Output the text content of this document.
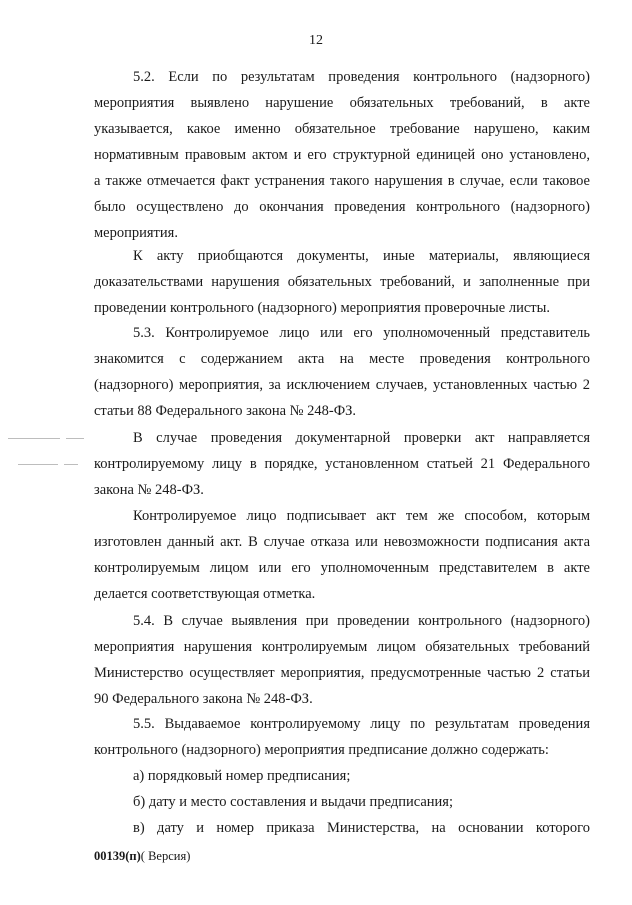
12

5.2. Если по результатам проведения контрольного (надзорного)
мероприятия выявлено нарушение обязательных требований, в акте
указывается, какое именно обязательное требование нарушено, каким
нормативным правовым актом и его структурной единицей оно установлено,
а также отмечается факт устранения такого нарушения в случае, если таковое
было осуществлено до окончания проведения контрольного (надзорного)
мероприятия.

К акту приобщаются документы, иные материалы, являющиеся
доказательствами нарушения обязательных требований, и заполненные при
проведении контрольного (надзорного) мероприятия проверочные листы.

5.3. Контролируемое лицо или его уполномоченный представитель
знакомится с содержанием акта на месте проведения контрольного
(надзорного) мероприятия, за исключением случаев, установленных частью 2
статьи 88 Федерального закона № 248-ФЗ.

В случае проведения документарной проверки акт направляется
контролируемому лицу в порядке, установленном статьей 21 Федерального
закона № 248-ФЗ.

Контролируемое лицо подписывает акт тем же способом, которым
изготовлен данный акт. В случае отказа или невозможности подписания акта
контролируемым лицом или его уполномоченным представителем в акте
делается соответствующая отметка.

5.4. В случае выявления при проведении контрольного (надзорного)
мероприятия нарушения контролируемым лицом обязательных требований
Министерство осуществляет мероприятия, предусмотренные частью 2 статьи
90 Федерального закона № 248-ФЗ.

5.5. Выдаваемое контролируемому лицу по результатам проведения
контрольного (надзорного) мероприятия предписание должно содержать:

а) порядковый номер предписания;

б) дату и место составления и выдачи предписания;

в) дату и номер приказа Министерства, на основании которого

00139(п)( Версия)
